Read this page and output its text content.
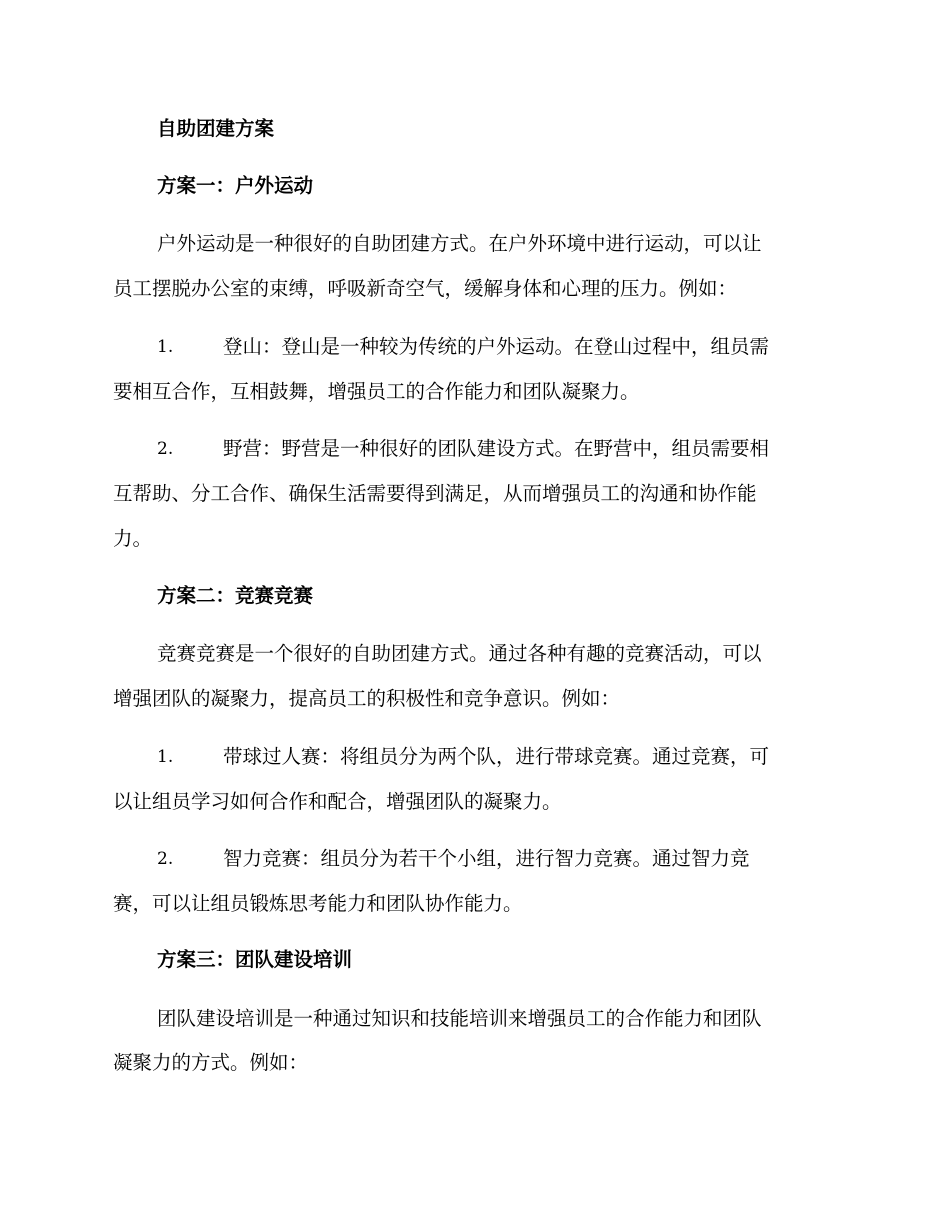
自助团建方案
方案一：户外运动
户外运动是一种很好的自助团建方式。在户外环境中进行运动，可以让
员工摆脱办公室的束缚，呼吸新奇空气，缓解身体和心理的压力。例如：
1.	登山：登山是一种较为传统的户外运动。在登山过程中，组员需
要相互合作，互相鼓舞，增强员工的合作能力和团队凝聚力。
2.	野营：野营是一种很好的团队建设方式。在野营中，组员需要相
互帮助、分工合作、确保生活需要得到满足，从而增强员工的沟通和协作能
力。
方案二：竞赛竞赛
竞赛竞赛是一个很好的自助团建方式。通过各种有趣的竞赛活动，可以
增强团队的凝聚力，提高员工的积极性和竞争意识。例如：
1.	带球过人赛：将组员分为两个队，进行带球竞赛。通过竞赛，可
以让组员学习如何合作和配合，增强团队的凝聚力。
2.	智力竞赛：组员分为若干个小组，进行智力竞赛。通过智力竞
赛，可以让组员锻炼思考能力和团队协作能力。
方案三：团队建设培训
团队建设培训是一种通过知识和技能培训来增强员工的合作能力和团队
凝聚力的方式。例如：
